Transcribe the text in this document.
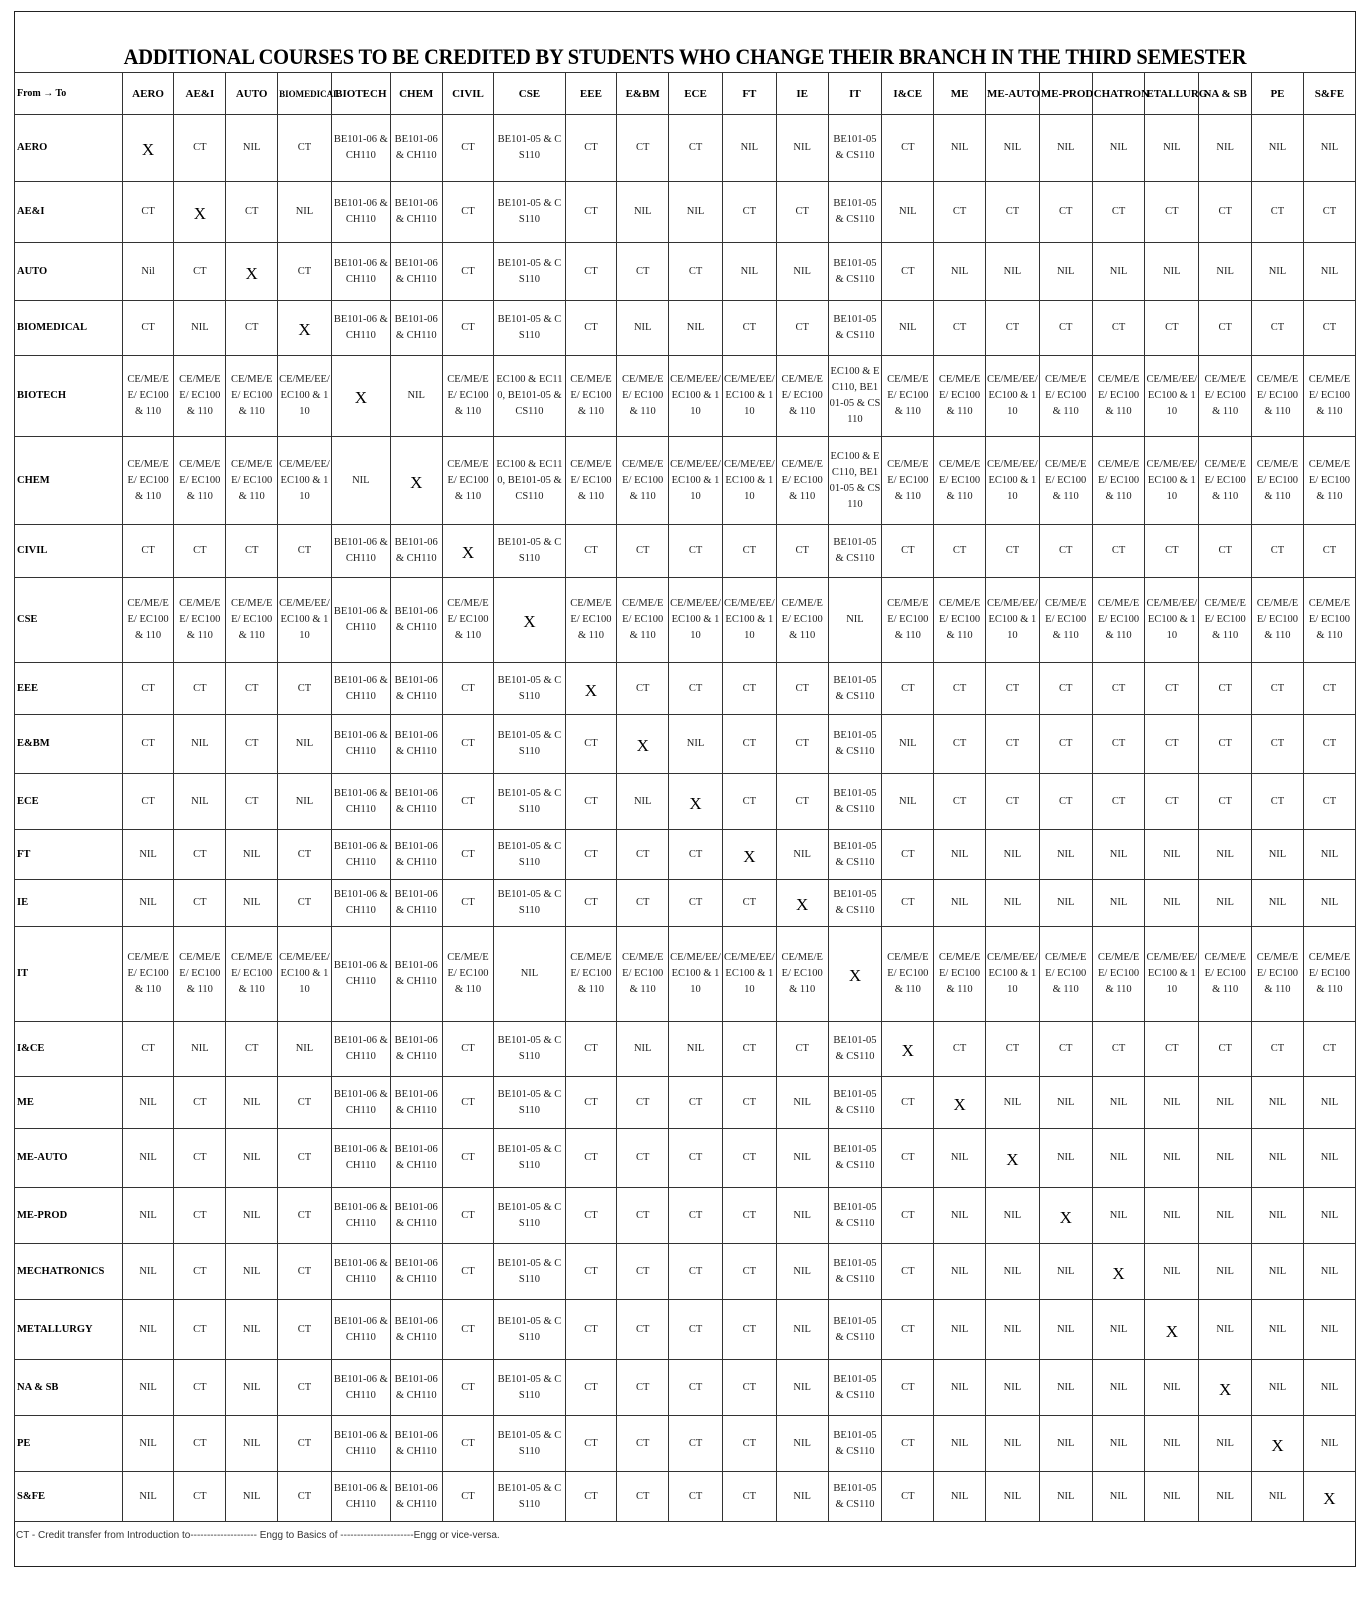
ADDITIONAL COURSES TO BE CREDITED BY STUDENTS WHO CHANGE THEIR BRANCH IN THE THIRD SEMESTER
From → To	AERO	AE&I	AUTO	BIOMEDICAL	BIOTECH	CHEM	CIVIL	CSE	EEE	E&BM	ECE	FT	IE	IT	I&CE	ME	ME-AUTO	ME-PROD	CHATRON	ETALLURG	NA & SB	PE	S&FE
AERO	X	CT	NIL	CT	BE101-06 & CH110	BE101-06 & CH110	CT	BE101-05 & CS110	CT	CT	CT	NIL	NIL	BE101-05 & CS110	CT	NIL	NIL	NIL	NIL	NIL	NIL	NIL	NIL
AE&I	CT	X	CT	NIL	BE101-06 & CH110	BE101-06 & CH110	CT	BE101-05 & CS110	CT	NIL	NIL	CT	CT	BE101-05 & CS110	NIL	CT	CT	CT	CT	CT	CT	CT	CT
AUTO	Nil	CT	X	CT	BE101-06 & CH110	BE101-06 & CH110	CT	BE101-05 & CS110	CT	CT	CT	NIL	NIL	BE101-05 & CS110	CT	NIL	NIL	NIL	NIL	NIL	NIL	NIL	NIL
BIOMEDICAL	CT	NIL	CT	X	BE101-06 & CH110	BE101-06 & CH110	CT	BE101-05 & CS110	CT	NIL	NIL	CT	CT	BE101-05 & CS110	NIL	CT	CT	CT	CT	CT	CT	CT	CT
BIOTECH	CE/ME/EE/ EC100 & 110	CE/ME/EE/ EC100 & 110	CE/ME/EE/ EC100 & 110	CE/ME/EE/ EC100 & 110	X	NIL	CE/ME/EE/ EC100 & 110	EC100 & EC110, BE101-05 & CS110	CE/ME/EE/ EC100 & 110	CE/ME/EE/ EC100 & 110	CE/ME/EE/ EC100 & 110	CE/ME/EE/ EC100 & 110	CE/ME/EE/ EC100 & 110	EC100 & EC110, BE101-05 & CS110	CE/ME/EE/ EC100 & 110	CE/ME/EE/ EC100 & 110	CE/ME/EE/ EC100 & 110	CE/ME/EE/ EC100 & 110	CE/ME/EE/ EC100 & 110	CE/ME/EE/ EC100 & 110	CE/ME/EE/ EC100 & 110	CE/ME/EE/ EC100 & 110	CE/ME/EE/ EC100 & 110
CHEM	CE/ME/EE/ EC100 & 110	CE/ME/EE/ EC100 & 110	CE/ME/EE/ EC100 & 110	CE/ME/EE/ EC100 & 110	NIL	X	CE/ME/EE/ EC100 & 110	EC100 & EC110, BE101-05 & CS110	CE/ME/EE/ EC100 & 110	CE/ME/EE/ EC100 & 110	CE/ME/EE/ EC100 & 110	CE/ME/EE/ EC100 & 110	CE/ME/EE/ EC100 & 110	EC100 & EC110, BE101-05 & CS110	CE/ME/EE/ EC100 & 110	CE/ME/EE/ EC100 & 110	CE/ME/EE/ EC100 & 110	CE/ME/EE/ EC100 & 110	CE/ME/EE/ EC100 & 110	CE/ME/EE/ EC100 & 110	CE/ME/EE/ EC100 & 110	CE/ME/EE/ EC100 & 110	CE/ME/EE/ EC100 & 110
CIVIL	CT	CT	CT	CT	BE101-06 & CH110	BE101-06 & CH110	X	BE101-05 & CS110	CT	CT	CT	CT	CT	BE101-05 & CS110	CT	CT	CT	CT	CT	CT	CT	CT	CT
CSE	CE/ME/EE/ EC100 & 110	CE/ME/EE/ EC100 & 110	CE/ME/EE/ EC100 & 110	CE/ME/EE/ EC100 & 110	BE101-06 & CH110	BE101-06 & CH110	CE/ME/EE/ EC100 & 110	X	CE/ME/EE/ EC100 & 110	CE/ME/EE/ EC100 & 110	CE/ME/EE/ EC100 & 110	CE/ME/EE/ EC100 & 110	CE/ME/EE/ EC100 & 110	NIL	CE/ME/EE/ EC100 & 110	CE/ME/EE/ EC100 & 110	CE/ME/EE/ EC100 & 110	CE/ME/EE/ EC100 & 110	CE/ME/EE/ EC100 & 110	CE/ME/EE/ EC100 & 110	CE/ME/EE/ EC100 & 110	CE/ME/EE/ EC100 & 110	CE/ME/EE/ EC100 & 110
EEE	CT	CT	CT	CT	BE101-06 & CH110	BE101-06 & CH110	CT	BE101-05 & CS110	X	CT	CT	CT	CT	BE101-05 & CS110	CT	CT	CT	CT	CT	CT	CT	CT	CT
E&BM	CT	NIL	CT	NIL	BE101-06 & CH110	BE101-06 & CH110	CT	BE101-05 & CS110	CT	X	NIL	CT	CT	BE101-05 & CS110	NIL	CT	CT	CT	CT	CT	CT	CT	CT
ECE	CT	NIL	CT	NIL	BE101-06 & CH110	BE101-06 & CH110	CT	BE101-05 & CS110	CT	NIL	X	CT	CT	BE101-05 & CS110	NIL	CT	CT	CT	CT	CT	CT	CT	CT
FT	NIL	CT	NIL	CT	BE101-06 & CH110	BE101-06 & CH110	CT	BE101-05 & CS110	CT	CT	CT	X	NIL	BE101-05 & CS110	CT	NIL	NIL	NIL	NIL	NIL	NIL	NIL	NIL
IE	NIL	CT	NIL	CT	BE101-06 & CH110	BE101-06 & CH110	CT	BE101-05 & CS110	CT	CT	CT	CT	X	BE101-05 & CS110	CT	NIL	NIL	NIL	NIL	NIL	NIL	NIL	NIL
IT	CE/ME/EE/ EC100 & 110	CE/ME/EE/ EC100 & 110	CE/ME/EE/ EC100 & 110	CE/ME/EE/ EC100 & 110	BE101-06 & CH110	BE101-06 & CH110	CE/ME/EE/ EC100 & 110	NIL	CE/ME/EE/ EC100 & 110	CE/ME/EE/ EC100 & 110	CE/ME/EE/ EC100 & 110	CE/ME/EE/ EC100 & 110	CE/ME/EE/ EC100 & 110	X	CE/ME/EE/ EC100 & 110	CE/ME/EE/ EC100 & 110	CE/ME/EE/ EC100 & 110	CE/ME/EE/ EC100 & 110	CE/ME/EE/ EC100 & 110	CE/ME/EE/ EC100 & 110	CE/ME/EE/ EC100 & 110	CE/ME/EE/ EC100 & 110	CE/ME/EE/ EC100 & 110
I&CE	CT	NIL	CT	NIL	BE101-06 & CH110	BE101-06 & CH110	CT	BE101-05 & CS110	CT	NIL	NIL	CT	CT	BE101-05 & CS110	X	CT	CT	CT	CT	CT	CT	CT	CT
ME	NIL	CT	NIL	CT	BE101-06 & CH110	BE101-06 & CH110	CT	BE101-05 & CS110	CT	CT	CT	CT	NIL	BE101-05 & CS110	CT	X	NIL	NIL	NIL	NIL	NIL	NIL	NIL
ME-AUTO	NIL	CT	NIL	CT	BE101-06 & CH110	BE101-06 & CH110	CT	BE101-05 & CS110	CT	CT	CT	CT	NIL	BE101-05 & CS110	CT	NIL	X	NIL	NIL	NIL	NIL	NIL	NIL
ME-PROD	NIL	CT	NIL	CT	BE101-06 & CH110	BE101-06 & CH110	CT	BE101-05 & CS110	CT	CT	CT	CT	NIL	BE101-05 & CS110	CT	NIL	NIL	X	NIL	NIL	NIL	NIL	NIL
MECHATRONICS	NIL	CT	NIL	CT	BE101-06 & CH110	BE101-06 & CH110	CT	BE101-05 & CS110	CT	CT	CT	CT	NIL	BE101-05 & CS110	CT	NIL	NIL	NIL	X	NIL	NIL	NIL	NIL
METALLURGY	NIL	CT	NIL	CT	BE101-06 & CH110	BE101-06 & CH110	CT	BE101-05 & CS110	CT	CT	CT	CT	NIL	BE101-05 & CS110	CT	NIL	NIL	NIL	NIL	X	NIL	NIL	NIL
NA & SB	NIL	CT	NIL	CT	BE101-06 & CH110	BE101-06 & CH110	CT	BE101-05 & CS110	CT	CT	CT	CT	NIL	BE101-05 & CS110	CT	NIL	NIL	NIL	NIL	NIL	X	NIL	NIL
PE	NIL	CT	NIL	CT	BE101-06 & CH110	BE101-06 & CH110	CT	BE101-05 & CS110	CT	CT	CT	CT	NIL	BE101-05 & CS110	CT	NIL	NIL	NIL	NIL	NIL	NIL	X	NIL
S&FE	NIL	CT	NIL	CT	BE101-06 & CH110	BE101-06 & CH110	CT	BE101-05 & CS110	CT	CT	CT	CT	NIL	BE101-05 & CS110	CT	NIL	NIL	NIL	NIL	NIL	NIL	NIL	X
CT - Credit transfer from Introduction to-------------------- Engg to Basics of ----------------------Engg or vice-versa.
